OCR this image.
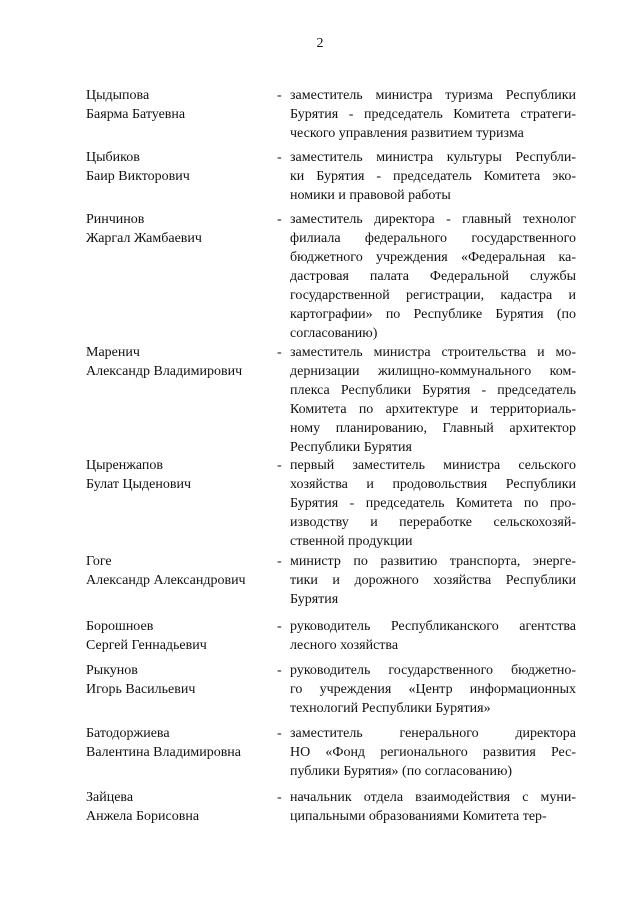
2
Цыдыпова
Баярма Батуевна
- заместитель министра туризма Республики
Бурятия - председатель Комитета стратеги-
ческого управления развитием туризма
Цыбиков
Баир Викторович
- заместитель министра культуры Республи-
ки Бурятия - председатель Комитета эко-
номики и правовой работы
Ринчинов
Жаргал Жамбаевич
- заместитель директора - главный технолог
филиала федерального государственного
бюджетного учреждения «Федеральная ка-
дастровая палата Федеральной службы
государственной регистрации, кадастра и
картографии» по Республике Бурятия (по
согласованию)
Маренич
Александр Владимирович
- заместитель министра строительства и мо-
дернизации жилищно-коммунального ком-
плекса Республики Бурятия - председатель
Комитета по архитектуре и территориаль-
ному планированию, Главный архитектор
Республики Бурятия
Цыренжапов
Булат Цыденович
- первый заместитель министра сельского
хозяйства и продовольствия Республики
Бурятия - председатель Комитета по про-
изводству и переработке сельскохозяй-
ственной продукции
Гоге
Александр Александрович
- министр по развитию транспорта, энерге-
тики и дорожного хозяйства Республики
Бурятия
Борошноев
Сергей Геннадьевич
- руководитель Республиканского агентства
лесного хозяйства
Рыкунов
Игорь Васильевич
- руководитель государственного бюджетно-
го учреждения «Центр информационных
технологий Республики Бурятия»
Батодоржиева
Валентина Владимировна
- заместитель генерального директора
НО «Фонд регионального развития Рес-
публики Бурятия» (по согласованию)
Зайцева
Анжела Борисовна
- начальник отдела взаимодействия с муни-
ципальными образованиями Комитета тер-
